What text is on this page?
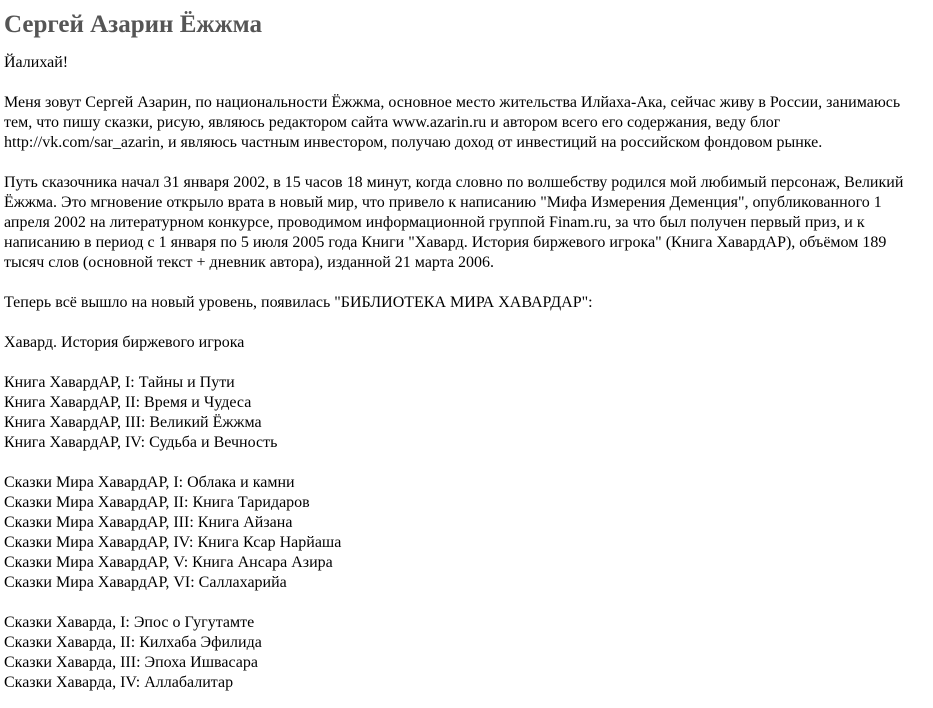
Сергей Азарин Ёжжма

Йалихай!

Меня зовут Сергей Азарин, по национальности Ёжжма, основное место жительства Илйаха-Ака, сейчас живу в России, занимаюсь тем, что пишу сказки, рисую, являюсь редактором сайта www.azarin.ru и автором всего его содержания, веду блог http://vk.com/sar_azarin, и являюсь частным инвестором, получаю доход от инвестиций на российском фондовом рынке.

Путь сказочника начал 31 января 2002, в 15 часов 18 минут, когда словно по волшебству родился мой любимый персонаж, Великий Ёжжма. Это мгновение открыло врата в новый мир, что привело к написанию "Мифа Измерения Деменция", опубликованного 1 апреля 2002 на литературном конкурсе, проводимом информационной группой Finam.ru, за что был получен первый приз, и к написанию в период с 1 января по 5 июля 2005 года Книги "Хавард. История биржевого игрока" (Книга ХавардАР), объёмом 189 тысяч слов (основной текст + дневник автора), изданной 21 марта 2006.

Теперь всё вышло на новый уровень, появилась "БИБЛИОТЕКА МИРА ХАВАРДАР":

Хавард. История биржевого игрока
Книга ХавардАР, I: Тайны и Пути
Книга ХавардАР, II: Время и Чудеса
Книга ХавардАР, III: Великий Ёжжма
Книга ХавардАР, IV: Судьба и Вечность
Сказки Мира ХавардАР, I: Облака и камни
Сказки Мира ХавардАР, II: Книга Таридаров
Сказки Мира ХавардАР, III: Книга Айзана
Сказки Мира ХавардАР, IV: Книга Ксар Нарйаша
Сказки Мира ХавардАР, V: Книга Ансара Азира
Сказки Мира ХавардАР, VI: Саллахарийа
Сказки Хаварда, I: Эпос о Гугутамте
Сказки Хаварда, II: Килхаба Эфилида
Сказки Хаварда, III: Эпоха Ишвасара
Сказки Хаварда, IV: Аллабалитар
